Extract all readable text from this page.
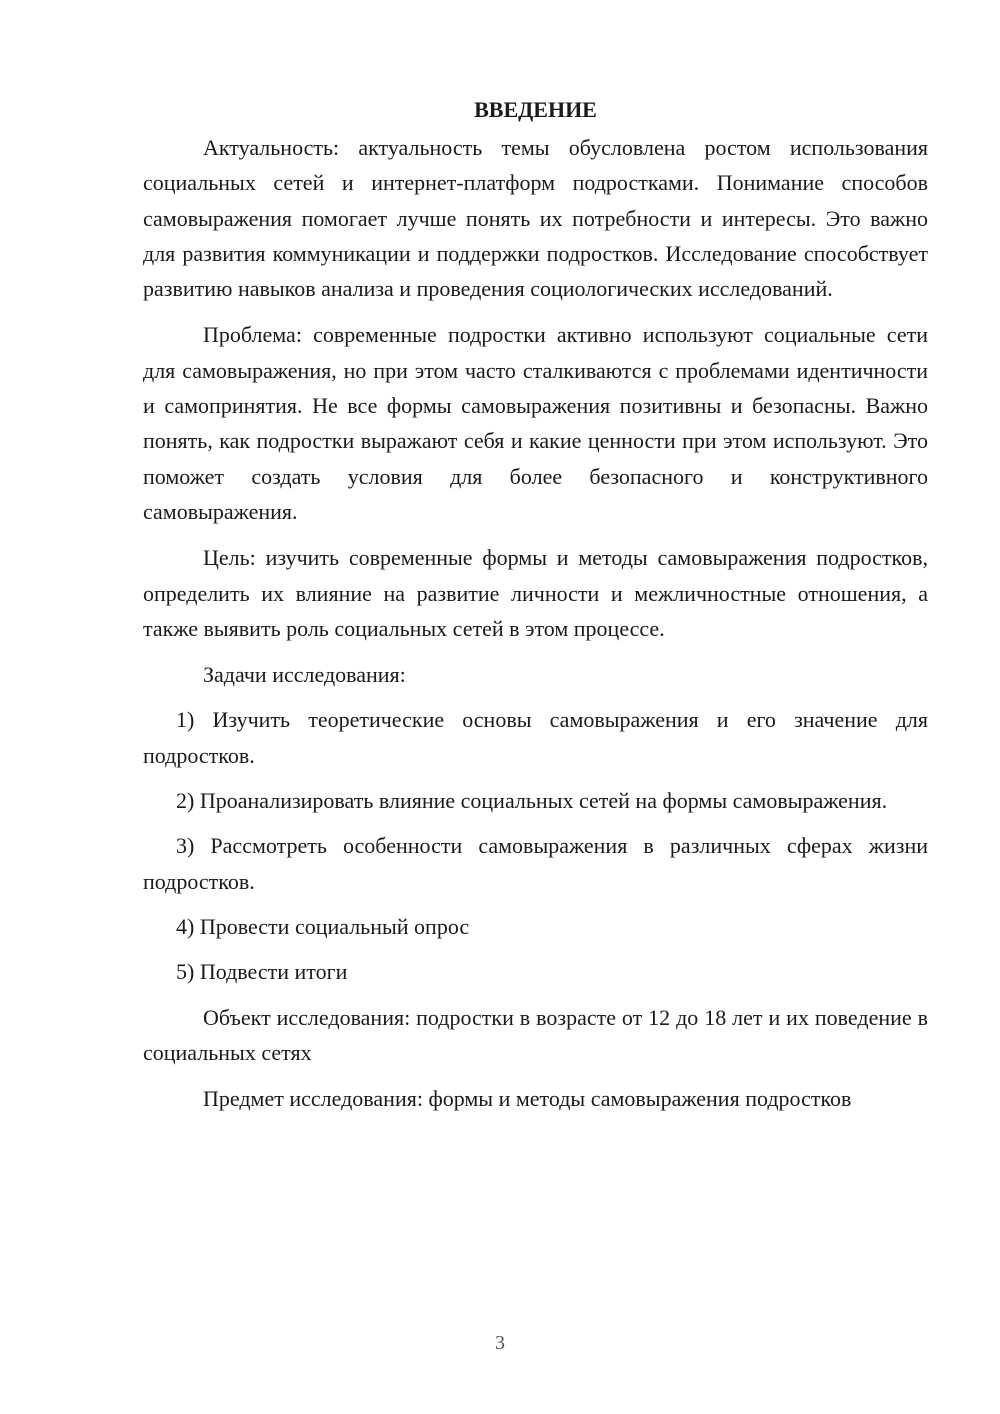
ВВЕДЕНИЕ

Актуальность: актуальность темы обусловлена ростом использования социальных сетей и интернет-платформ подростками. Понимание способов самовыражения помогает лучше понять их потребности и интересы. Это важно для развития коммуникации и поддержки подростков. Исследование способствует развитию навыков анализа и проведения социологических исследований.

Проблема: современные подростки активно используют социальные сети для самовыражения, но при этом часто сталкиваются с проблемами идентичности и самопринятия. Не все формы самовыражения позитивны и безопасны. Важно понять, как подростки выражают себя и какие ценности при этом используют. Это поможет создать условия для более безопасного и конструктивного самовыражения.

Цель: изучить современные формы и методы самовыражения подростков, определить их влияние на развитие личности и межличностные отношения, а также выявить роль социальных сетей в этом процессе.

Задачи исследования:

1) Изучить теоретические основы самовыражения и его значение для подростков.

2) Проанализировать влияние социальных сетей на формы самовыражения.

3) Рассмотреть особенности самовыражения в различных сферах жизни подростков.

4) Провести социальный опрос

5) Подвести итоги

Объект исследования: подростки в возрасте от 12 до 18 лет и их поведение в социальных сетях

Предмет исследования: формы и методы самовыражения подростков

3
